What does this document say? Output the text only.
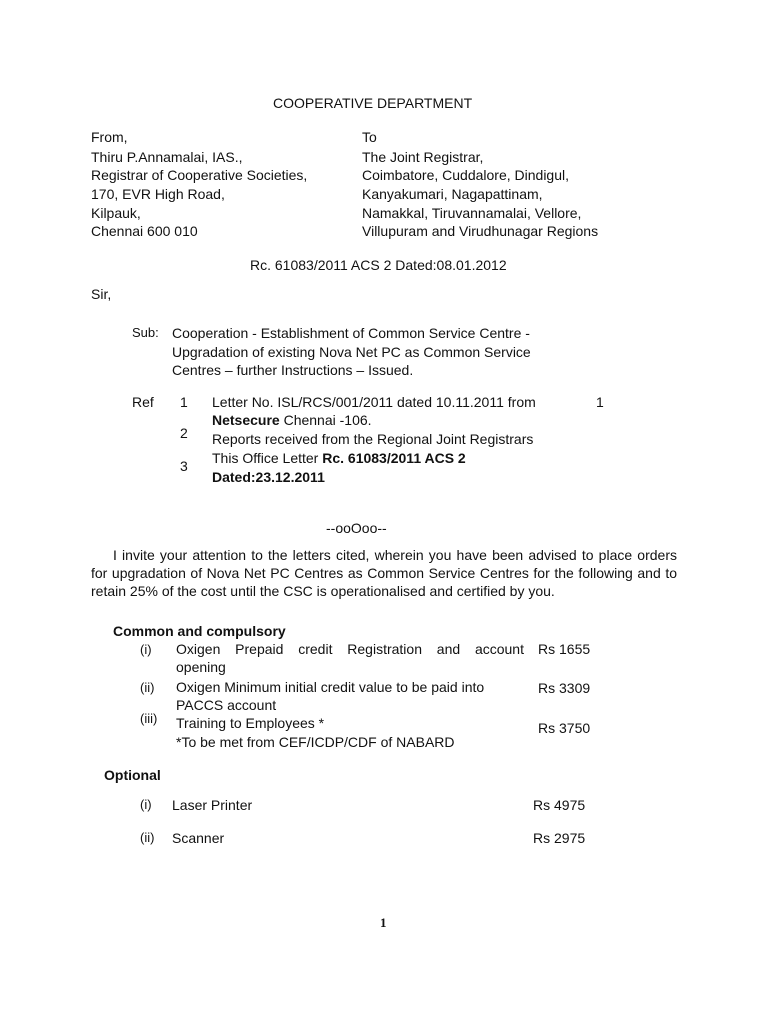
COOPERATIVE DEPARTMENT
From,
Thiru P.Annamalai, IAS.,
Registrar of Cooperative Societies,
170, EVR High Road,
Kilpauk,
Chennai 600 010
To
The Joint Registrar,
Coimbatore, Cuddalore, Dindigul,
Kanyakumari, Nagapattinam,
Namakkal, Tiruvannamalai, Vellore,
Villupuram and Virudhunagar Regions
Rc. 61083/2011 ACS 2 Dated:08.01.2012
Sir,
Sub: Cooperation - Establishment of Common Service Centre -
Upgradation of existing Nova Net PC as Common Service
Centres – further Instructions – Issued.
Ref 1 Letter No. ISL/RCS/001/2011 dated 10.11.2011 from	1
Netsecure Chennai -106.
2 Reports received from the Regional Joint Registrars
3 This Office Letter Rc. 61083/2011 ACS 2
Dated:23.12.2011
--ooOoo--
I invite your attention to the letters cited, wherein you have been advised to place orders for upgradation of Nova Net PC Centres as Common Service Centres for the following and to retain 25% of the cost until the CSC is operationalised and certified by you.
Common and compulsory
(i) Oxigen Prepaid credit Registration and account
opening
Rs 1655
(ii) Oxigen Minimum initial credit value to be paid into
PACCS account
Rs 3309
(iii) Training to Employees *
*To be met from CEF/ICDP/CDF of NABARD
Rs 3750
Optional
(i) Laser Printer	Rs 4975
(ii) Scanner	Rs 2975
1
